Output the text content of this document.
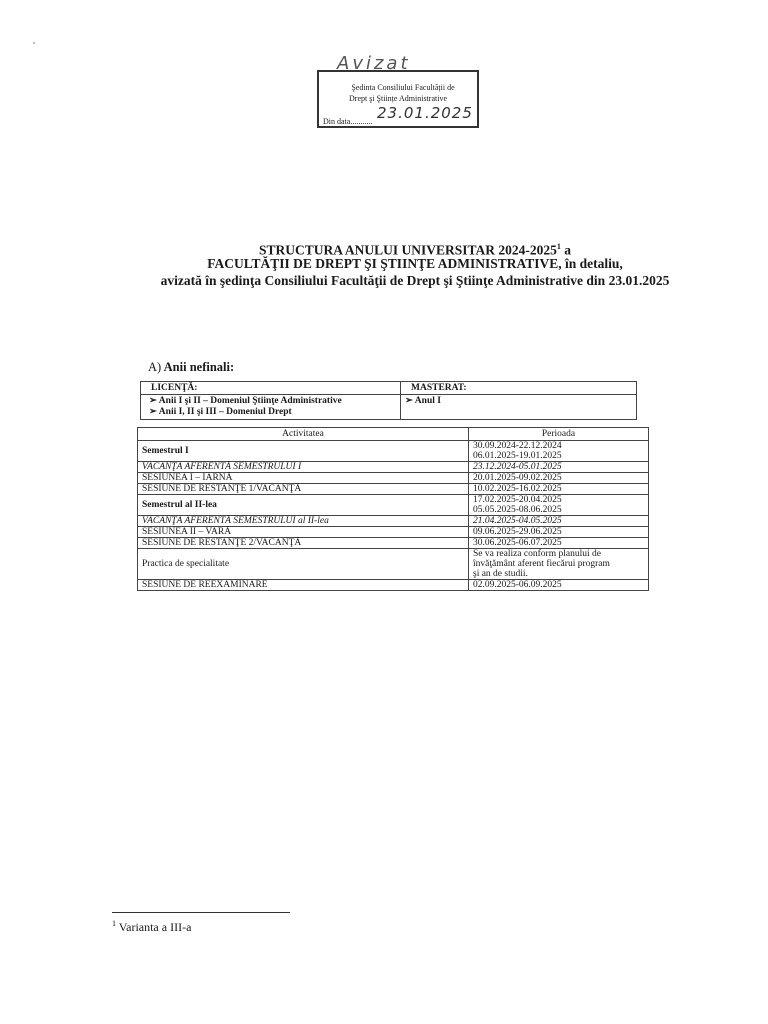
Avizat
Şedinta Consiliului Facultății de
Drept şi Ştiințe Administrative
Din data........... 23.01.2025
STRUCTURA ANULUI UNIVERSITAR 2024-2025$^1$ a
FACULTĂŢII DE DREPT ŞI ŞTIINŢE ADMINISTRATIVE, în detaliu,
avizată în şedinţa Consiliului Facultăţii de Drept şi Ştiinţe Administrative din 23.01.2025
A) Anii nefinali:
LICENŢĂ:	MASTERAT:

➢ Anii I şi II – Domeniul Ştiinţe Administrative
➢ Anii I, II şi III – Domeniul Drept	➢ Anul I
Activitatea	Perioada
Semestrul I	30.09.2024-22.12.2024
06.01.2025-19.01.2025

VACANŢA AFERENTĂ SEMESTRULUI I	23.12.2024-05.01.2025
SESIUNEA I – IARNĂ	20.01.2025-09.02.2025
SESIUNE DE RESTANŢE 1/VACANŢĂ	10.02.2025-16.02.2025
Semestrul al II-lea	17.02.2025-20.04.2025
05.05.2025-08.06.2025

VACANŢA AFERENTĂ SEMESTRULUI al II-lea	21.04.2025-04.05.2025
SESIUNEA II – VARĂ	09.06.2025-29.06.2025
SESIUNE DE RESTANŢE 2/VACANŢĂ	30.06.2025-06.07.2025
Practica de specialitate	Se va realiza conform planului de
învăţământ aferent fiecărui program
şi an de studii.

SESIUNE DE REEXAMINARE	02.09.2025-06.09.2025
$^1$ Varianta a III-a
